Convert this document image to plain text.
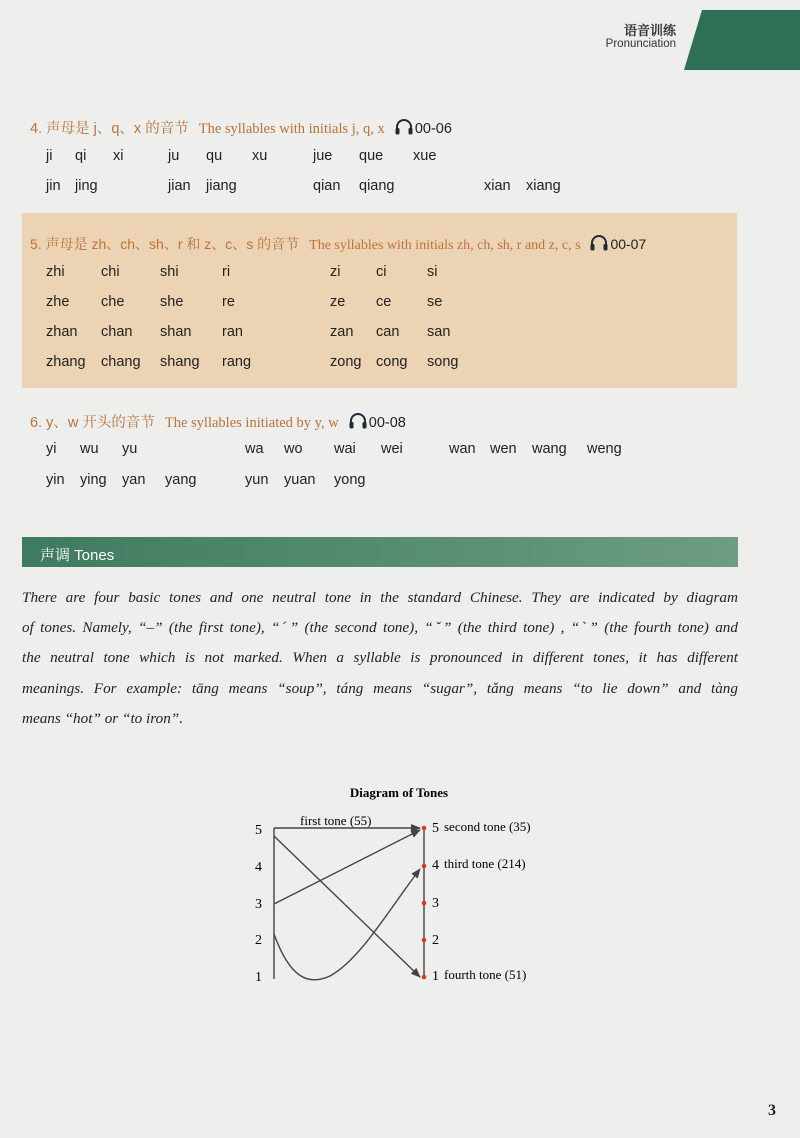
语音训练
Pronunciation
4. 声母是 j、q、x 的音节 The syllables with initials j, q, x 00-06
ji qi xi	ju qu xu	jue que xue
jin jing	jian jiang	qian qiang	xian xiang
5. 声母是 zh、ch、sh、r 和 z、c、s 的音节 The syllables with initials zh, ch, sh, r and z, c, s 00-07
zhi	chi	shi	ri	zi ci	si
zhe che she	re	ze ce se
zhan chan shan ran	zan can san
zhang chang shang rang	zong cong song
6. y、w 开头的音节 The syllables initiated by y, w 00-08
yi wu yu	wa wo wai wei	wan wen wang weng
yin ying yan yang	yun yuan yong
声调 Tones
There are four basic tones and one neutral tone in the standard Chinese. They are indicated by diagram
of tones. Namely, “–” (the first tone), “ˊ” (the second tone), “ˇ” (the third tone) , “ˋ” (the fourth tone) and
the neutral tone which is not marked. When a syllable is pronounced in different tones, it has different
meanings. For example: tāng means “soup”, táng means “sugar”, tǎng means “to lie down” and tàng
means “hot” or “to iron”.
Diagram of Tones
5
4
3
2
1
first tone (55)
5 second tone (35)
4 third tone (214)
3
2
1 fourth tone (51)
3
